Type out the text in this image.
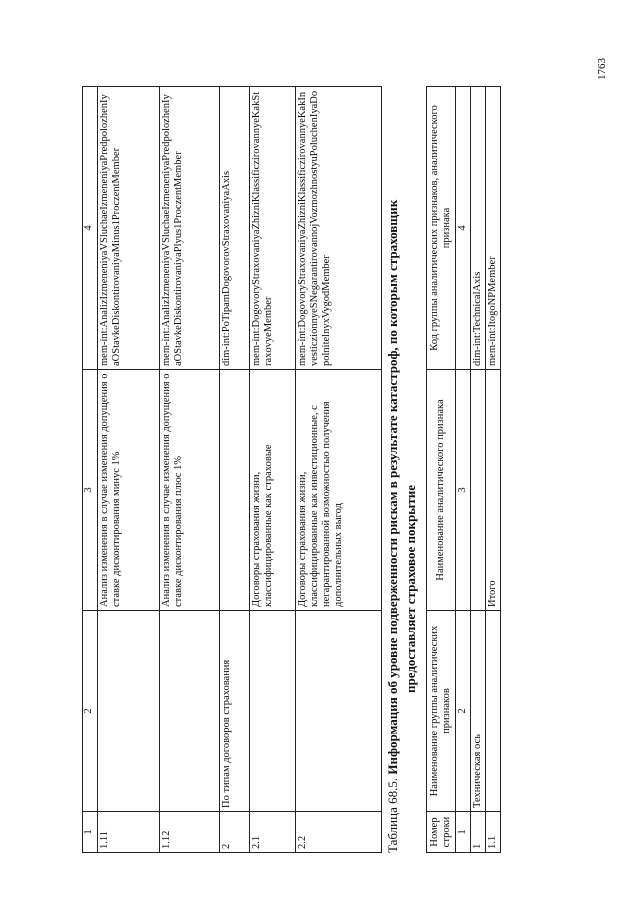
1763
1	2	3	4
1.11		Анализ изменения в случае изменения допущения о ставке дисконтирования минус 1%	mem-int:AnalizIzmeneniyaVSluchaeIzmeneniyaPredpolozhenIyaOStavkeDiskontirovaniyaMinus1ProczentMember
1.12		Анализ изменения в случае изменения допущения о ставке дисконтирования плюс 1%	mem-int:AnalizIzmeneniyaVSluchaeIzmeneniyaPredpolozhenIyaOStavkeDiskontirovaniyaPlyus1ProczentMember
2	По типам договоров страхования		dim-int:PoTipamDogovorovStraxovaniyaAxis
2.1		Договоры страхования жизни, классифицированные как страховые	mem-int:DogovoryStraxovaniyaZhizniKlassificzirovannyeKakStraxovyeMember
2.2		Договоры страхования жизни, классифицированные как инвестиционные, с негарантированной возможностью получения дополнительных выгод	mem-int:DogovoryStraxovaniyaZhizniKlassificzirovannyeKakInvesticzionnyeSNegarantirovannojVozmozhnostyuPoluchenIyaDopolnitelnyxVygodMember
Таблица 68.5. Информация об уровне подверженности рискам в результате катастроф, по которым страховщик предоставляет страховое покрытие
Номер строки	Наименование группы аналитических признаков	Наименование аналитического признака	Код группы аналитических признаков, аналитического признака
1	2	3	4
1	Техническая ось		dim-int:TechnicalAxis
1.1		Итого	mem-int:ItogoNPMember
